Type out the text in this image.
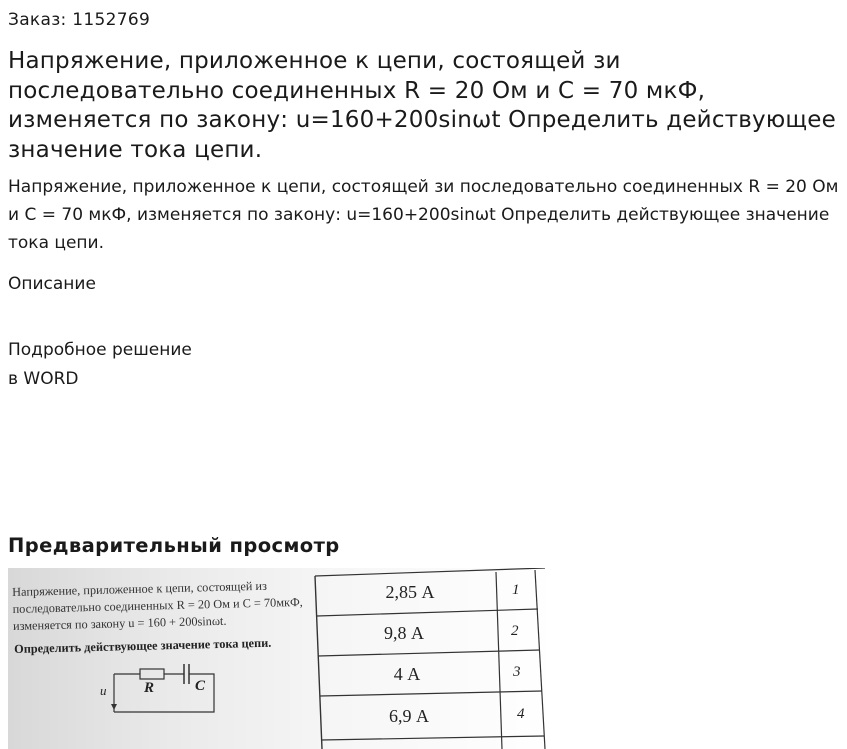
Заказ: 1152769
Напряжение, приложенное к цепи, состоящей зи последовательно соединенных R = 20 Ом и C = 70 мкФ, изменяется по закону: u=160+200sinωt Определить действующее значение тока цепи.
Напряжение, приложенное к цепи, состоящей зи последовательно соединенных R = 20 Ом и C = 70 мкФ, изменяется по закону: u=160+200sinωt Определить действующее значение тока цепи.
Описание
Подробное решение
в WORD
Предварительный просмотр
Напряжение, приложенное к цепи, состоящей из последовательно соединенных R = 20 Ом и C = 70мкФ, изменяется по закону u = 160 + 200sinωt.
Определить действующее значение тока цепи.
u	R	C
2,85 А	1
9,8 А	2
4 А	3
6,9 А	4
